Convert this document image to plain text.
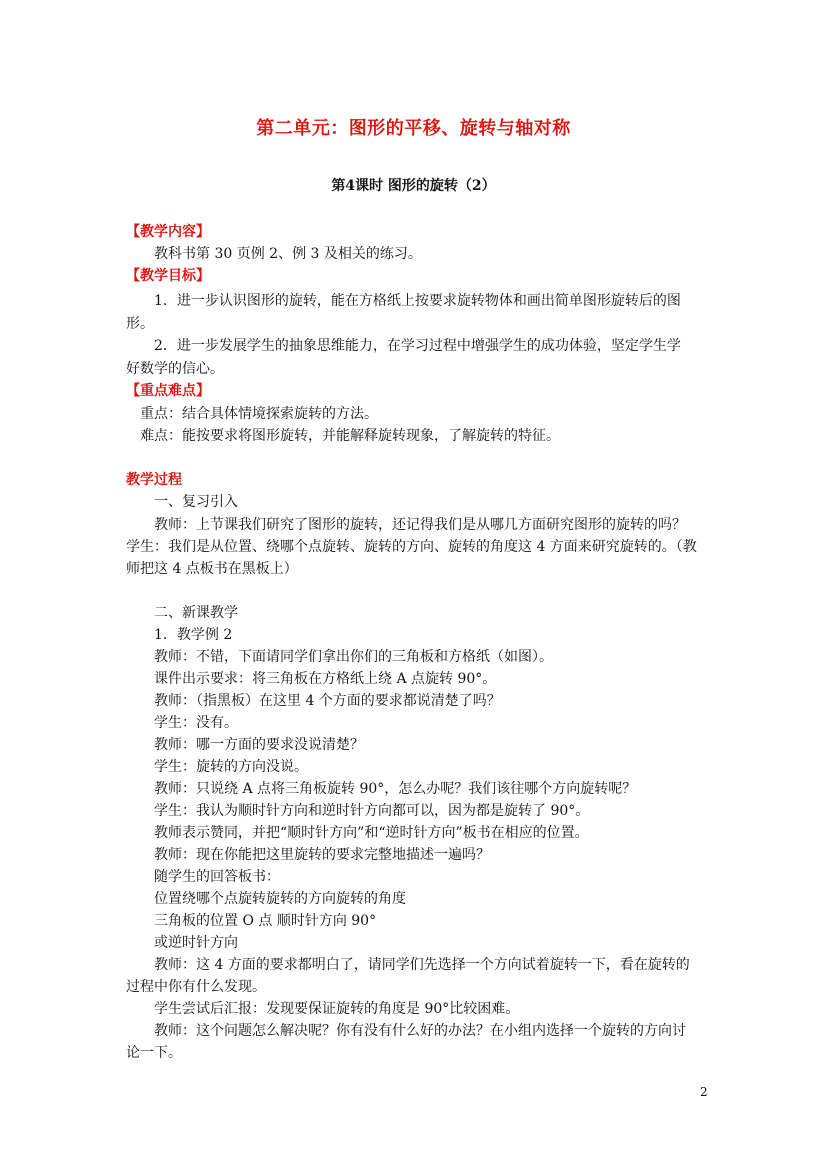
第二单元：图形的平移、旋转与轴对称
第4课时 图形的旋转（2）
【教学内容】
教科书第 30 页例 2、例 3 及相关的练习。
【教学目标】
1．进一步认识图形的旋转，能在方格纸上按要求旋转物体和画出简单图形旋转后的图
形。
2．进一步发展学生的抽象思维能力，在学习过程中增强学生的成功体验，坚定学生学
好数学的信心。
【重点难点】
重点：结合具体情境探索旋转的方法。
难点：能按要求将图形旋转，并能解释旋转现象，了解旋转的特征。
教学过程
一、复习引入
教师：上节课我们研究了图形的旋转，还记得我们是从哪几方面研究图形的旋转的吗？
学生：我们是从位置、绕哪个点旋转、旋转的方向、旋转的角度这 4 方面来研究旋转的。（教
师把这 4 点板书在黑板上）
二、新课教学
1．教学例 2
教师：不错，下面请同学们拿出你们的三角板和方格纸（如图）。
课件出示要求：将三角板在方格纸上绕 A 点旋转 90°。
教师：（指黑板）在这里 4 个方面的要求都说清楚了吗？
学生：没有。
教师：哪一方面的要求没说清楚？
学生：旋转的方向没说。
教师：只说绕 A 点将三角板旋转 90°，怎么办呢？我们该往哪个方向旋转呢？
学生：我认为顺时针方向和逆时针方向都可以，因为都是旋转了 90°。
教师表示赞同，并把“顺时针方向”和“逆时针方向”板书在相应的位置。
教师：现在你能把这里旋转的要求完整地描述一遍吗？
随学生的回答板书：
位置绕哪个点旋转旋转的方向旋转的角度
三角板的位置 O 点 顺时针方向 90°
或逆时针方向
教师：这 4 方面的要求都明白了，请同学们先选择一个方向试着旋转一下，看在旋转的
过程中你有什么发现。
学生尝试后汇报：发现要保证旋转的角度是 90°比较困难。
教师：这个问题怎么解决呢？你有没有什么好的办法？在小组内选择一个旋转的方向讨
论一下。
2
